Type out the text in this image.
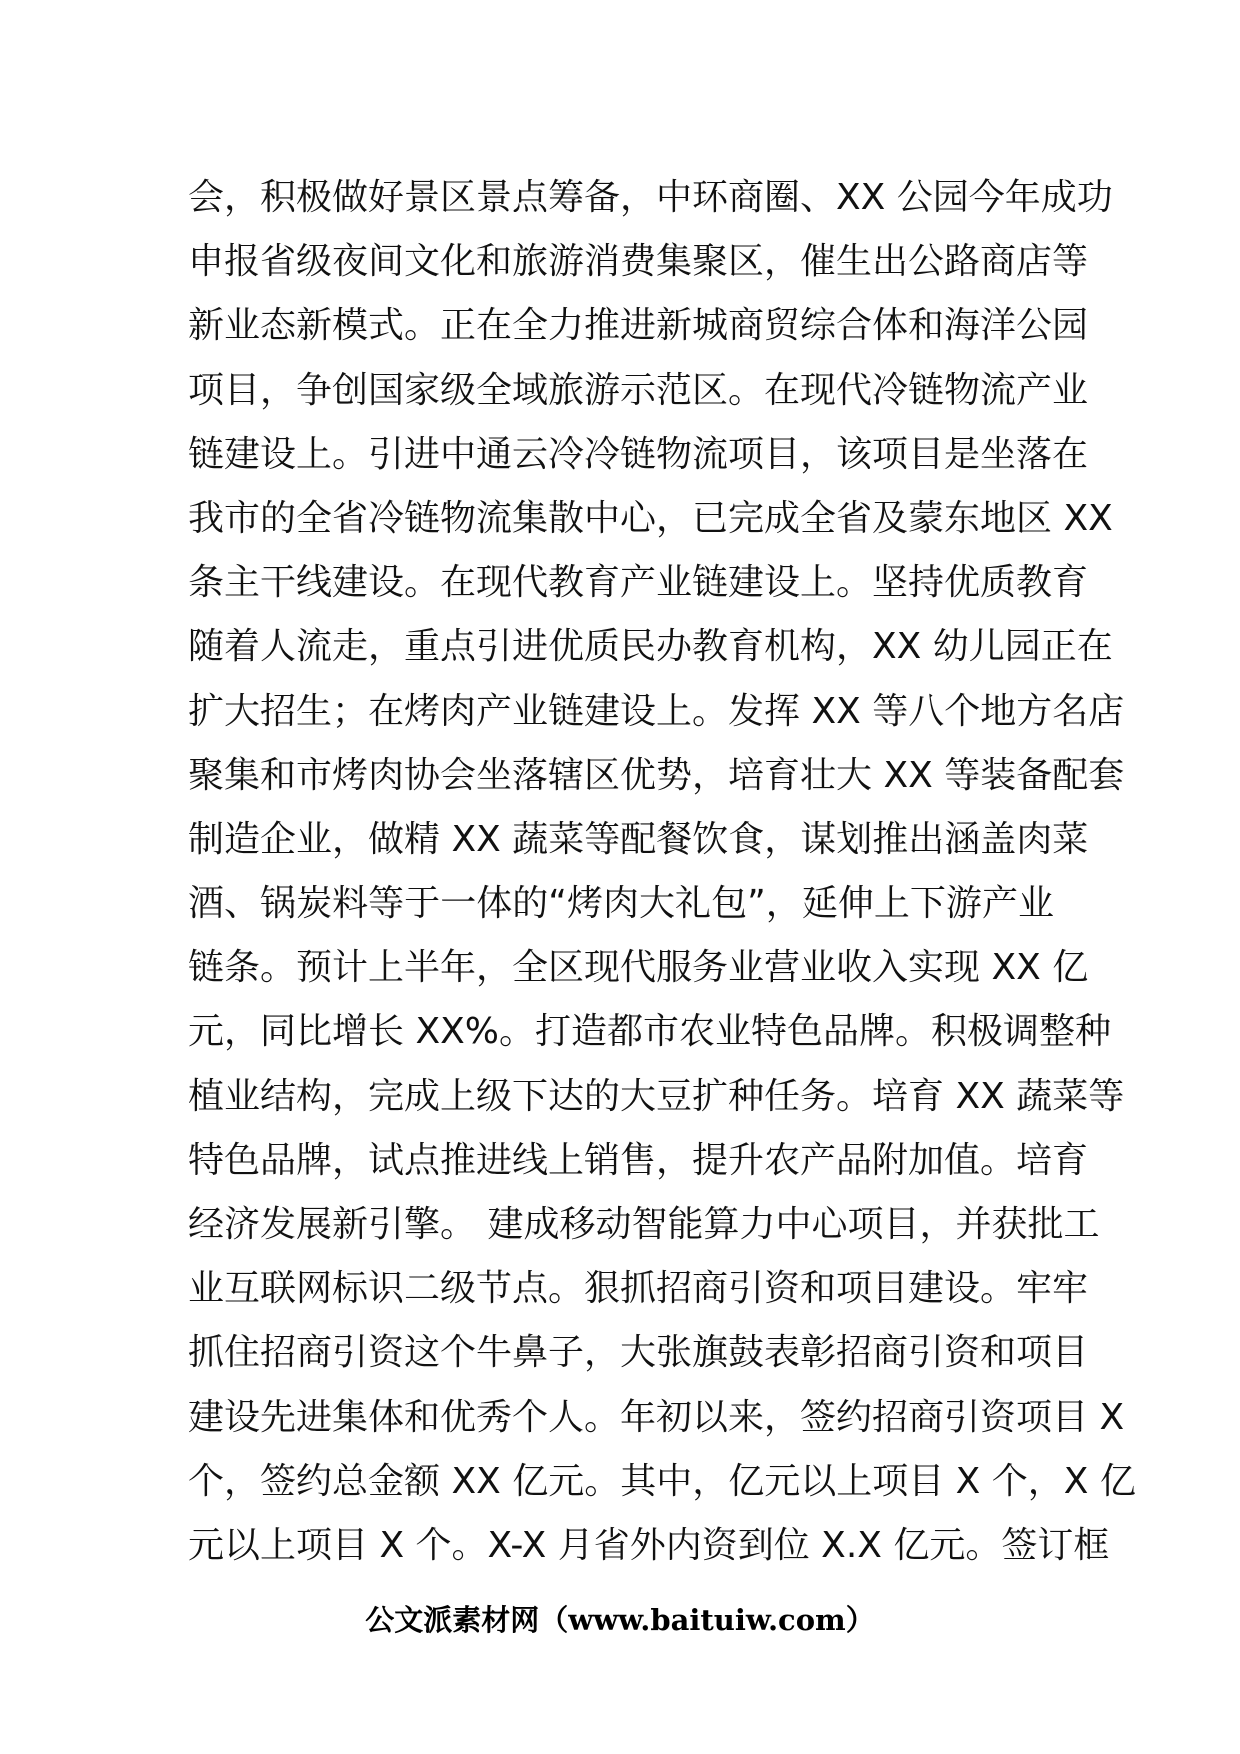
会，积极做好景区景点筹备，中环商圈、XX 公园今年成功
申报省级夜间文化和旅游消费集聚区，催生出公路商店等
新业态新模式。正在全力推进新城商贸综合体和海洋公园
项目，争创国家级全域旅游示范区。在现代冷链物流产业
链建设上。引进中通云冷冷链物流项目，该项目是坐落在
我市的全省冷链物流集散中心，已完成全省及蒙东地区 XX
条主干线建设。在现代教育产业链建设上。坚持优质教育
随着人流走，重点引进优质民办教育机构，XX 幼儿园正在
扩大招生；在烤肉产业链建设上。发挥 XX 等八个地方名店
聚集和市烤肉协会坐落辖区优势，培育壮大 XX 等装备配套
制造企业，做精 XX 蔬菜等配餐饮食，谋划推出涵盖肉菜
酒、锅炭料等于一体的“烤肉大礼包”，延伸上下游产业
链条。预计上半年，全区现代服务业营业收入实现 XX 亿
元，同比增长 XX%。打造都市农业特色品牌。积极调整种
植业结构，完成上级下达的大豆扩种任务。培育 XX 蔬菜等
特色品牌，试点推进线上销售，提升农产品附加值。培育
经济发展新引擎。 建成移动智能算力中心项目，并获批工
业互联网标识二级节点。狠抓招商引资和项目建设。牢牢
抓住招商引资这个牛鼻子，大张旗鼓表彰招商引资和项目
建设先进集体和优秀个人。年初以来，签约招商引资项目 X
个，签约总金额 XX 亿元。其中，亿元以上项目 X 个，X 亿
元以上项目 X 个。X-X 月省外内资到位 X.X 亿元。签订框
公文派素材网（www.baituiw.com）
